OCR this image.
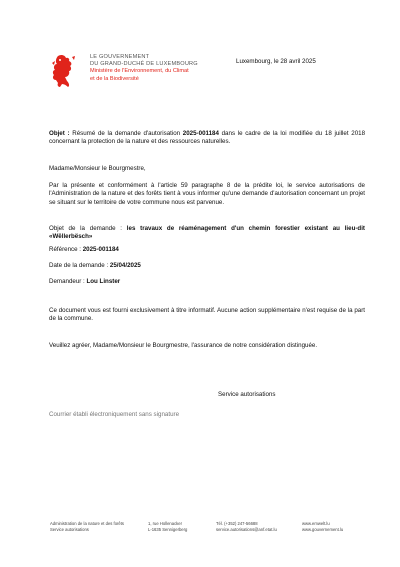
LE GOUVERNEMENT
DU GRAND-DUCHÉ DE LUXEMBOURG
Ministère de l'Environnement, du Climat
et de la Biodiversité
Luxembourg, le 28 avril 2025
Objet : Résumé de la demande d'autorisation 2025-001184 dans le cadre de la loi modifiée du 18 juillet 2018 concernant la protection de la nature et des ressources naturelles.
Madame/Monsieur le Bourgmestre,
Par la présente et conformément à l'article 59 paragraphe 8 de la prédite loi, le service autorisations de l'Administration de la nature et des forêts tient à vous informer qu'une demande d'autorisation concernant un projet se situant sur le territoire de votre commune nous est parvenue.
Objet de la demande : les travaux de réaménagement d'un chemin forestier existant au lieu-dit «Wëllerbësch»
Référence : 2025-001184
Date de la demande : 25/04/2025
Demandeur : Lou Linster
Ce document vous est fourni exclusivement à titre informatif. Aucune action supplémentaire n'est requise de la part de la commune.
Veuillez agréer, Madame/Monsieur le Bourgmestre, l'assurance de notre considération distinguée.
Service autorisations
Courrier établi électroniquement sans signature
Administration de la nature et des forêts
Service autorisations
1, rue Hollenacker
L-1635 Sennigerberg
Tél. (+352) 247-56688
service.autorisations@anf.etat.lu
www.emwelt.lu
www.gouvernement.lu
